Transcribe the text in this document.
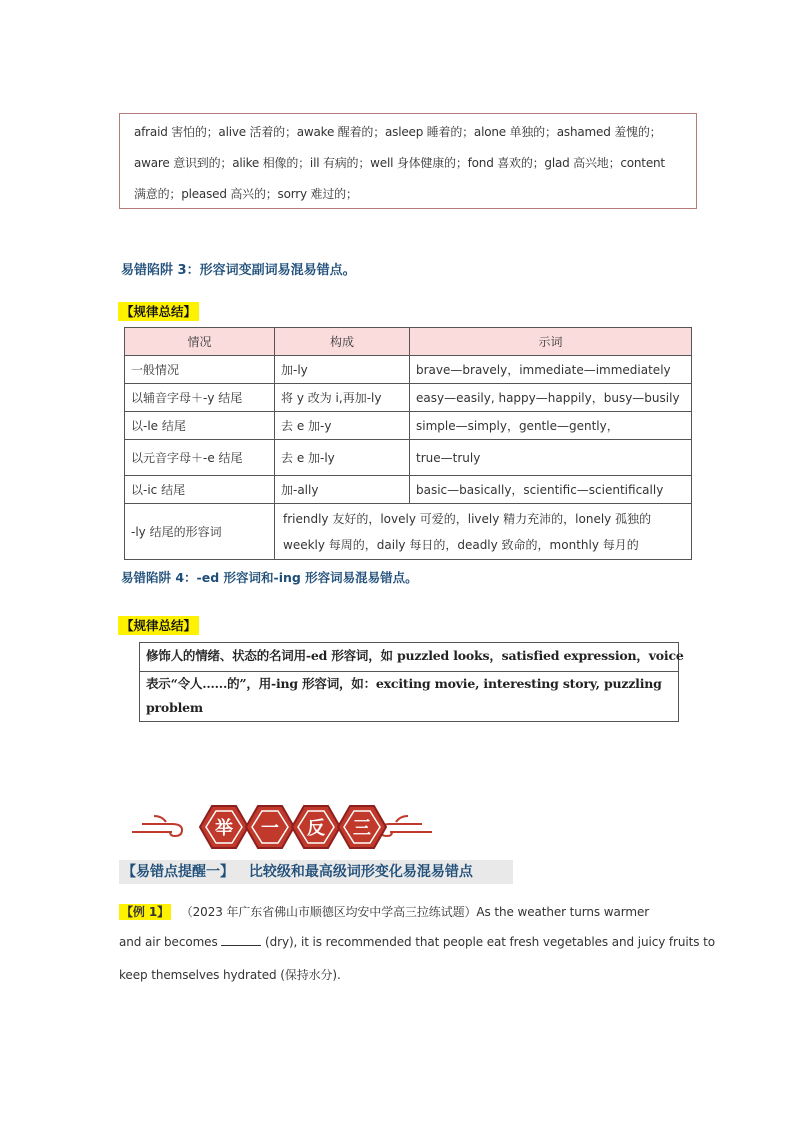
afraid 害怕的；alive 活着的；awake 醒着的；asleep 睡着的；alone 单独的；ashamed 羞愧的；
aware 意识到的；alike 相像的；ill 有病的；well 身体健康的；fond 喜欢的；glad 高兴地；content
满意的；pleased 高兴的；sorry 难过的；
易错陷阱 3：形容词变副词易混易错点。
【规律总结】
情况	构成	示词
一般情况	加-ly	brave—bravely，immediate—immediately
以辅音字母＋-y 结尾	将 y 改为 i,再加-ly	easy—easily, happy—happily，busy—busily
以-le 结尾	去 e 加-y	simple—simply，gentle—gently，
以元音字母＋-e 结尾	去 e 加-ly	true—truly
以-ic 结尾	加-ally	basic—basically，scientific—scientifically
-ly 结尾的形容词	friendly 友好的，lovely 可爱的，lively 精力充沛的，lonely 孤独的
weekly 每周的，daily 每日的，deadly 致命的，monthly 每月的	
易错陷阱 4：-ed 形容词和-ing 形容词易混易错点。
【规律总结】
修饰人的情绪、状态的名词用-ed 形容词，如 puzzled looks，satisfied expression，voice
表示“令人......的”，用-ing 形容词，如：exciting movie, interesting story, puzzling
problem
举 一 反 三
【易错点提醒一】 比较级和最高级词形变化易混易错点
【例 1】 （2023 年广东省佛山市顺德区均安中学高三拉练试题）As the weather turns warmer
and air becomes	(dry), it is recommended that people eat fresh vegetables and juicy fruits to
keep themselves hydrated (保持水分).
